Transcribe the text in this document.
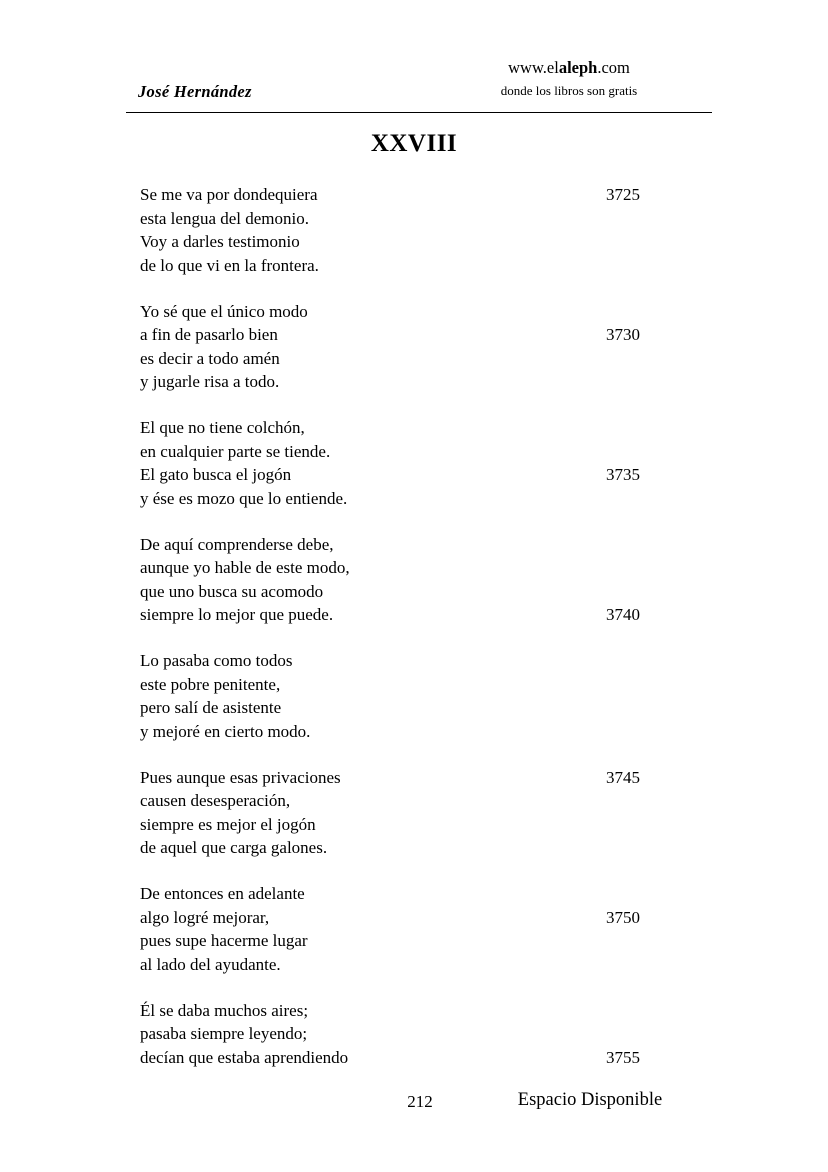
José Hernández
www.elaleph.com
donde los libros son gratis
XXVIII
Se me va por dondequiera	3725
esta lengua del demonio.
Voy a darles testimonio
de lo que vi en la frontera.
Yo sé que el único modo
a fin de pasarlo bien	3730
es decir a todo amén
y jugarle risa a todo.
El que no tiene colchón,
en cualquier parte se tiende.
El gato busca el jogón	3735
y ése es mozo que lo entiende.
De aquí comprenderse debe,
aunque yo hable de este modo,
que uno busca su acomodo
siempre lo mejor que puede.	3740
Lo pasaba como todos
este pobre penitente,
pero salí de asistente
y mejoré en cierto modo.
Pues aunque esas privaciones	3745
causen desesperación,
siempre es mejor el jogón
de aquel que carga galones.
De entonces en adelante
algo logré mejorar,	3750
pues supe hacerme lugar
al lado del ayudante.
Él se daba muchos aires;
pasaba siempre leyendo;
decían que estaba aprendiendo	3755
212	Espacio Disponible
